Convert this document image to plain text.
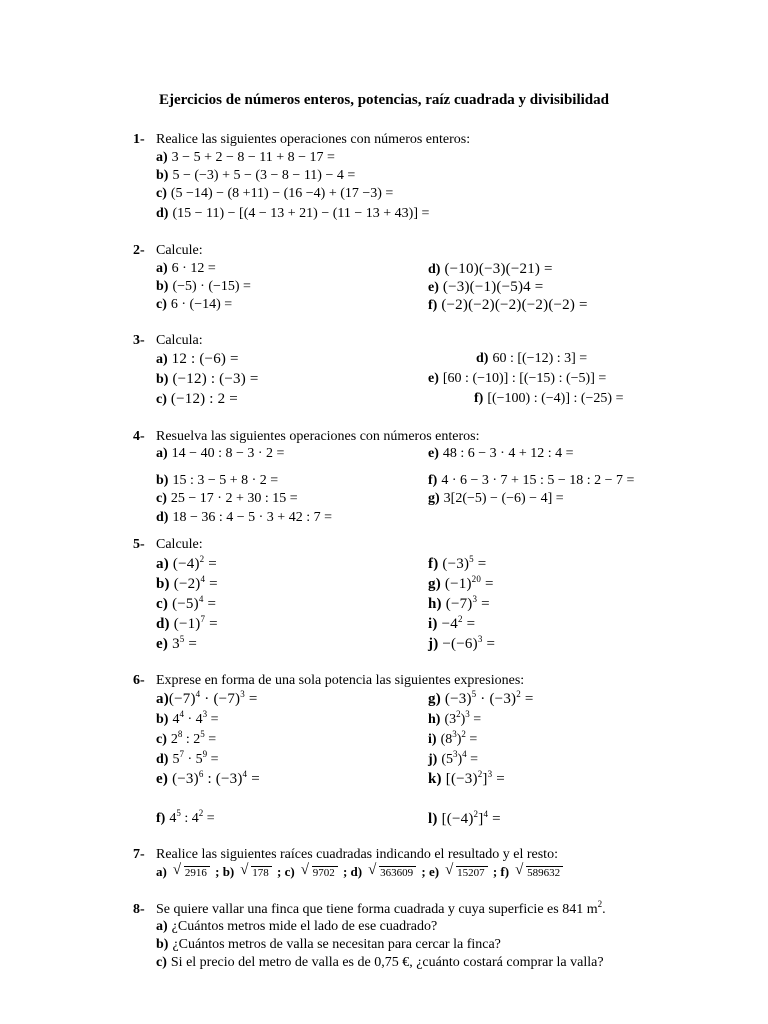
Ejercicios de números enteros, potencias, raíz cuadrada y divisibilidad
1- Realice las siguientes operaciones con números enteros:
a) 3 − 5 + 2 − 8 − 11 + 8 − 17 =
b) 5 − (−3) + 5 − (3 − 8 − 11) − 4 =
c) (5 −14) − (8 +11) − (16 −4) + (17 −3) =
d) (15 − 11) − [(4 − 13 + 21) − (11 − 13 + 43)] =
2- Calcule:
a) 6 · 12 =
b) (−5) · (−15) =
c) 6 · (−14) =
d) (−10)(−3)(−21) =
e) (−3)(−1)(−5)4 =
f) (−2)(−2)(−2)(−2)(−2) =
3- Calcula:
a) 12 : (−6) =
b) (−12) : (−3) =
c) (−12) : 2 =
d) 60 : [(−12) : 3] =
e) [60 : (−10)] : [(−15) : (−5)] =
f) [(−100) : (−4)] : (−25) =
4- Resuelva las siguientes operaciones con números enteros:
a) 14 − 40 : 8 − 3 · 2 =
b) 15 : 3 − 5 + 8 · 2 =
c) 25 − 17 · 2 + 30 : 15 =
d) 18 − 36 : 4 − 5 · 3 + 42 : 7 =
e) 48 : 6 − 3 · 4 + 12 : 4 =
f) 4 · 6 − 3 · 7 + 15 : 5 − 18 : 2 − 7 =
g) 3[2(−5) − (−6) − 4] =
5- Calcule:
a) $(-4)^2$ =
b) $(-2)^4$ =
c) $(-5)^4$ =
d) $(-1)^7$ =
e) $3^5$ =
f) $(-3)^5$ =
g) $(-1)^{20}$ =
h) $(-7)^3$ =
$i) -4^2$ =
$j) -(-6)^3$ =
6- Exprese en forma de una sola potencia las siguientes expresiones:
$a)(-7)^4 \cdot (-7)^3$ =
b) $4^4 \cdot 4^3$ =
c) $2^8$ : $2^5$ =
d) $5^7 \cdot 5^9$ =
e) $(-3)^6$ : $(-3)^4$ =
f) $4^5$ : $4^2$ =
g) $(-3)^5 \cdot (-3)^2$ =
h) $(3^2)^3$ =
i) $(8^3)^2$ =
j) $(5^3)^4$ =
k) $[(-3)^2]^3$ =
l) $[(-4)^2]^4$ =
7- Realice las siguientes raíces cuadradas indicando el resultado y el resto:
a) √ 2916 ; b) √ 178 ; c) √ 9702 ; d) √ 363609 ; e) √ 15207 ; f) √ 589632
8- Se quiere vallar una finca que tiene forma cuadrada y cuya superficie es 841 $m^2$.
a) ¿Cuántos metros mide el lado de ese cuadrado?
b) ¿Cuántos metros de valla se necesitan para cercar la finca?
c) Si el precio del metro de valla es de 0,75 €, ¿cuánto costará comprar la valla?
